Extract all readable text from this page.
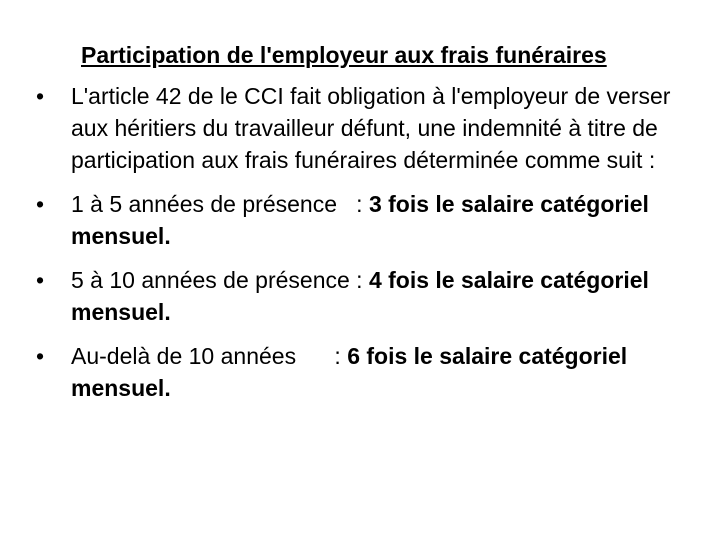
Participation de l'employeur aux frais funéraires
•	L'article 42 de le CCI fait obligation à l'employeur de verser aux héritiers du travailleur défunt, une indemnité à titre de participation aux frais funéraires déterminée comme suit :
•	1 à 5 années de présence   : 3 fois le salaire catégoriel mensuel.
•	5 à 10 années de présence : 4 fois le salaire catégoriel mensuel.
•	Au-delà de 10 années      : 6 fois le salaire catégoriel mensuel.
